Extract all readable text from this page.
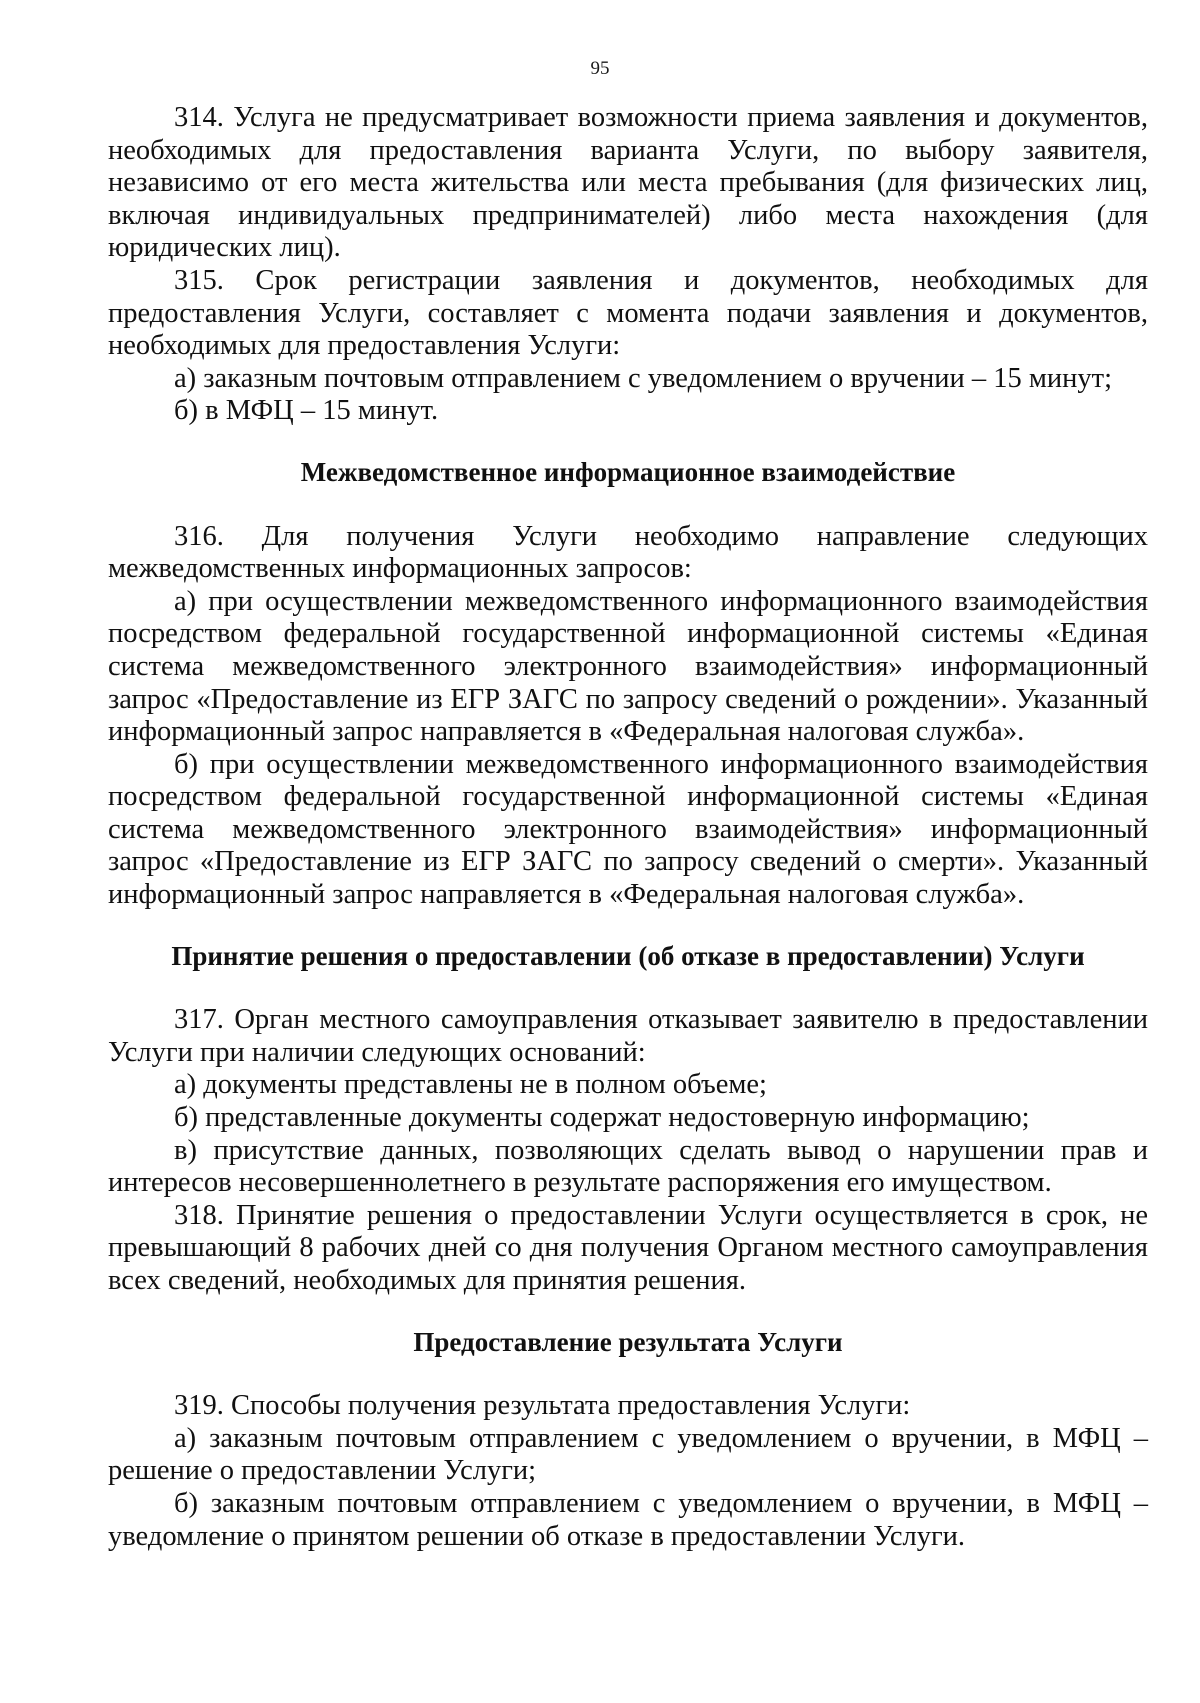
95

314. Услуга не предусматривает возможности приема заявления и документов, необходимых для предоставления варианта Услуги, по выбору заявителя, независимо от его места жительства или места пребывания (для физических лиц, включая индивидуальных предпринимателей) либо места нахождения (для юридических лиц).

315. Срок регистрации заявления и документов, необходимых для предоставления Услуги, составляет с момента подачи заявления и документов, необходимых для предоставления Услуги:

а) заказным почтовым отправлением с уведомлением о вручении – 15 минут;

б) в МФЦ – 15 минут.

Межведомственное информационное взаимодействие

316. Для получения Услуги необходимо направление следующих межведомственных информационных запросов:

а) при осуществлении межведомственного информационного взаимодействия посредством федеральной государственной информационной системы «Единая система межведомственного электронного взаимодействия» информационный запрос «Предоставление из ЕГР ЗАГС по запросу сведений о рождении». Указанный информационный запрос направляется в «Федеральная налоговая служба».

б) при осуществлении межведомственного информационного взаимодействия посредством федеральной государственной информационной системы «Единая система межведомственного электронного взаимодействия» информационный запрос «Предоставление из ЕГР ЗАГС по запросу сведений о смерти». Указанный информационный запрос направляется в «Федеральная налоговая служба».

Принятие решения о предоставлении (об отказе в предоставлении) Услуги

317. Орган местного самоуправления отказывает заявителю в предоставлении Услуги при наличии следующих оснований:

а) документы представлены не в полном объеме;

б) представленные документы содержат недостоверную информацию;

в) присутствие данных, позволяющих сделать вывод о нарушении прав и интересов несовершеннолетнего в результате распоряжения его имуществом.

318. Принятие решения о предоставлении Услуги осуществляется в срок, не превышающий 8 рабочих дней со дня получения Органом местного самоуправления всех сведений, необходимых для принятия решения.

Предоставление результата Услуги

319. Способы получения результата предоставления Услуги:

а) заказным почтовым отправлением с уведомлением о вручении, в МФЦ – решение о предоставлении Услуги;

б) заказным почтовым отправлением с уведомлением о вручении, в МФЦ – уведомление о принятом решении об отказе в предоставлении Услуги.
